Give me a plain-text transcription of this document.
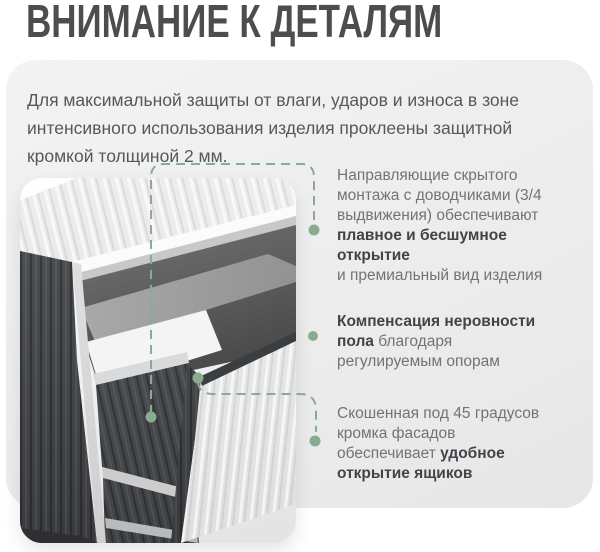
ВНИМАНИЕ К ДЕТАЛЯМ

Для максимальной защиты от влаги, ударов и износа в зоне
интенсивного использования изделия проклеены защитной
кромкой толщиной 2 мм.

Направляющие скрытого
монтажа с доводчиками (3/4
выдвижения) обеспечивают
плавное и бесшумное
открытие
и премиальный вид изделия
Компенсация неровности
пола благодаря
регулируемым опорам
Скошенная под 45 градусов
кромка фасадов
обеспечивает удобное
открытие ящиков
